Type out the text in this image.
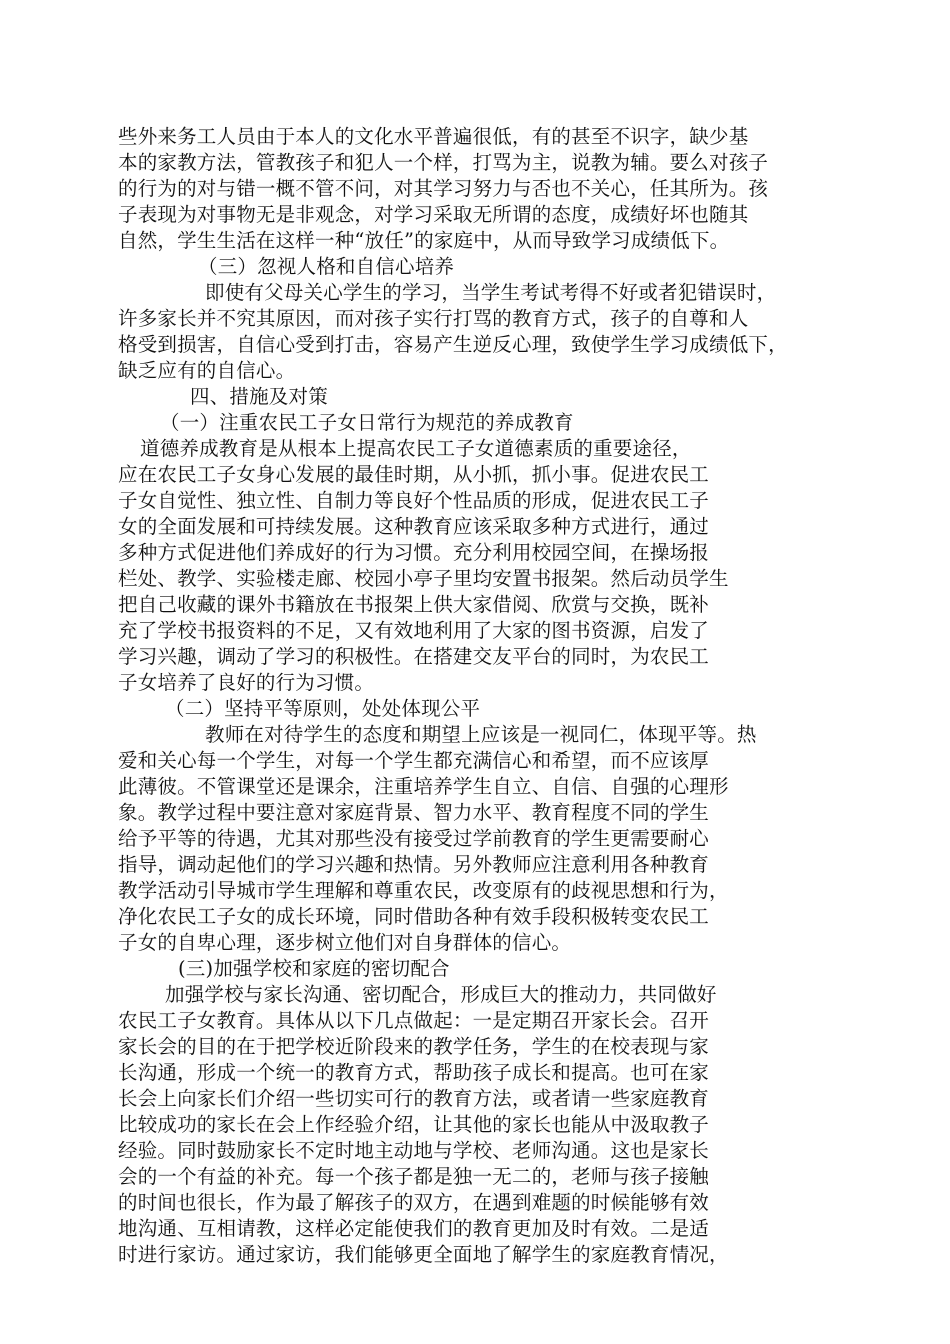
些外来务工人员由于本人的文化水平普遍很低，有的甚至不识字，缺少基
本的家教方法，管教孩子和犯人一个样，打骂为主，说教为辅。要么对孩子
的行为的对与错一概不管不问，对其学习努力与否也不关心，任其所为。孩
子表现为对事物无是非观念，对学习采取无所谓的态度，成绩好坏也随其
自然，学生生活在这样一种“放任”的家庭中，从而导致学习成绩低下。
（三）忽视人格和自信心培养
即使有父母关心学生的学习，当学生考试考得不好或者犯错误时，
许多家长并不究其原因，而对孩子实行打骂的教育方式，孩子的自尊和人
格受到损害，自信心受到打击，容易产生逆反心理，致使学生学习成绩低下，
缺乏应有的自信心。
四、措施及对策
（一）注重农民工子女日常行为规范的养成教育
道德养成教育是从根本上提高农民工子女道德素质的重要途径，
应在农民工子女身心发展的最佳时期，从小抓，抓小事。促进农民工
子女自觉性、独立性、自制力等良好个性品质的形成，促进农民工子
女的全面发展和可持续发展。这种教育应该采取多种方式进行，通过
多种方式促进他们养成好的行为习惯。充分利用校园空间，在操场报
栏处、教学、实验楼走廊、校园小亭子里均安置书报架。然后动员学生
把自己收藏的课外书籍放在书报架上供大家借阅、欣赏与交换，既补
充了学校书报资料的不足，又有效地利用了大家的图书资源，启发了
学习兴趣，调动了学习的积极性。在搭建交友平台的同时，为农民工
子女培养了良好的行为习惯。
（二）坚持平等原则，处处体现公平
教师在对待学生的态度和期望上应该是一视同仁，体现平等。热
爱和关心每一个学生，对每一个学生都充满信心和希望，而不应该厚
此薄彼。不管课堂还是课余，注重培养学生自立、自信、自强的心理形
象。教学过程中要注意对家庭背景、智力水平、教育程度不同的学生
给予平等的待遇，尤其对那些没有接受过学前教育的学生更需要耐心
指导，调动起他们的学习兴趣和热情。另外教师应注意利用各种教育
教学活动引导城市学生理解和尊重农民，改变原有的歧视思想和行为，
净化农民工子女的成长环境，同时借助各种有效手段积极转变农民工
子女的自卑心理，逐步树立他们对自身群体的信心。
(三)加强学校和家庭的密切配合
加强学校与家长沟通、密切配合，形成巨大的推动力，共同做好
农民工子女教育。具体从以下几点做起：一是定期召开家长会。召开
家长会的目的在于把学校近阶段来的教学任务，学生的在校表现与家
长沟通，形成一个统一的教育方式，帮助孩子成长和提高。也可在家
长会上向家长们介绍一些切实可行的教育方法，或者请一些家庭教育
比较成功的家长在会上作经验介绍，让其他的家长也能从中汲取教子
经验。同时鼓励家长不定时地主动地与学校、老师沟通。这也是家长
会的一个有益的补充。每一个孩子都是独一无二的，老师与孩子接触
的时间也很长，作为最了解孩子的双方，在遇到难题的时候能够有效
地沟通、互相请教，这样必定能使我们的教育更加及时有效。二是适
时进行家访。通过家访，我们能够更全面地了解学生的家庭教育情况，
